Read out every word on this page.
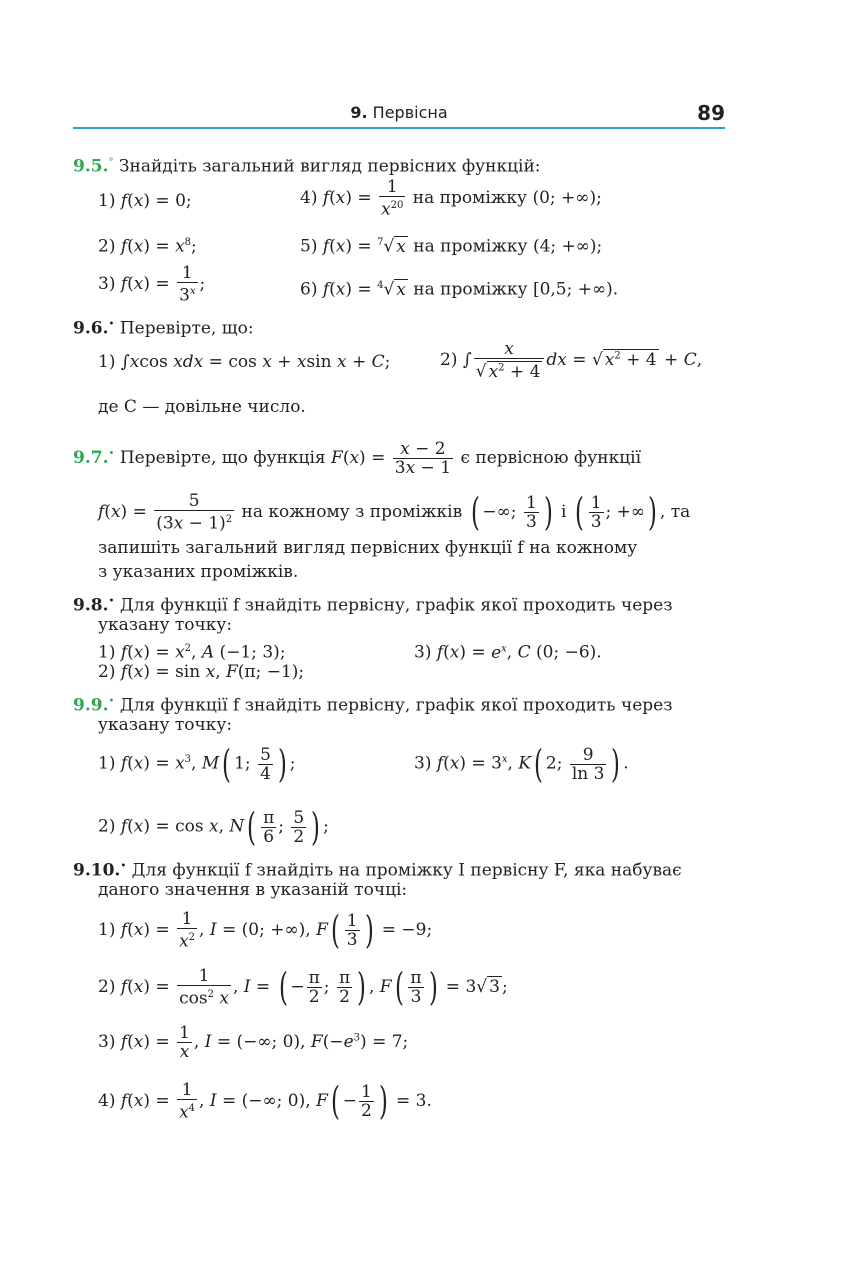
9. Первісна	89
9.5.° Знайдіть загальний вигляд первісних функцій:
1) f(x) = 0;	4) $f(x) = \frac{1}{x^{20}}$ на проміжку (0; +∞);
2) $f(x) = x^8$;	5) f(x) = $^7$√ x на проміжку (4; +∞);
3) $f(x) = \frac{1}{3^x}$ ;	6) f(x) = $^4$√ x на проміжку [0,5; +∞).
9.6.• Перевірте, що:
1) ∫xcos xdx = cos x + xsin x + C;	2) ∫ $\frac{x}{√ x^2 + 4}$ dx = √ $x^2 + 4 + C$,
де C — довільне число.
9.7.• Перевірте, що функція $F(x) = \frac{x - 2}{3x - 1}$ є первісною функції
$f(x) = \frac{5}{(3x - 1)^2}$ на кожному з проміжків ( −∞; $\frac{1}{3}$ ) і ( $\frac{1}{3}$ ; +∞) , та
запишіть загальний вигляд первісних функції f на кожному
з указаних проміжків.
9.8.• Для функції f знайдіть первісну, графік якої проходить через
указану точку:
1) $f(x) = x^2$, A (−1; 3);	3) $f(x) = e^x$, C (0; −6).
2) f(x) = sin x, F(π; −1);
9.9.• Для функції f знайдіть первісну, графік якої проходить через
указану точку:
1) $f(x) = x^3$, M( 1; $\frac{5}{4}$ ) ;	3) $f(x) = 3^x$, K( 2; $\frac{9}{\ln 3}$ ) .
2) f(x) = cos x, $N( \frac{\pi}{6}$ ; $\frac{5}{2}$ ) ;
9.10.• Для функції f знайдіть на проміжку I первісну F, яка набуває
даного значення в указаній точці:
1) $f(x) = \frac{1}{x^2}$ , I = (0; +∞), $F( \frac{1}{3}$ ) = −9;
2) $f(x) = \frac{1}{\cos^2 x}$ , I = ( − $\frac{\pi}{2}$ ; $\frac{\pi}{2}$ ) , $F( \frac{\pi}{3}$ ) = 3√ 3 ;
3) $f(x) = \frac{1}{x}$ , I = (−∞; 0), $F(-e^3) = 7$;
4) $f(x) = \frac{1}{x^4}$ , I = (−∞; 0), $F( - \frac{1}{2}$ ) = 3.
